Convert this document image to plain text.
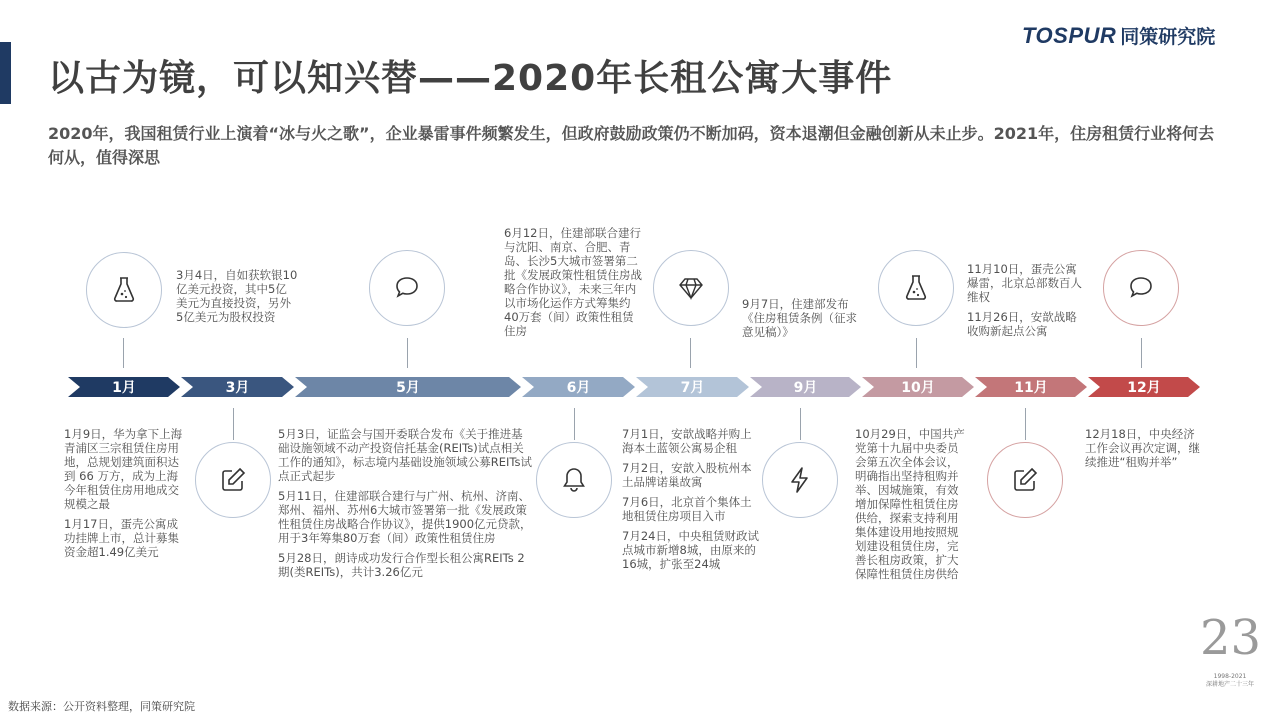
以古为镜，可以知兴替——2020年长租公寓大事件
TOSPUR 同策研究院
2020年，我国租赁行业上演着“冰与火之歌”，企业暴雷事件频繁发生，但政府鼓励政策仍不断加码，资本退潮但金融创新从未止步。2021年，住房租赁行业将何去何从，值得深思
1月	3月	5月	6月	7月	9月	10月	11月	12月

3月4日，自如获软银10 亿美元投资，其中5亿美元为直接投资，另外5亿美元为股权投资

6月12日，住建部联合建行与沈阳、南京、合肥、青岛、长沙5大城市签署第二批《发展政策性租赁住房战略合作协议》，未来三年内以市场化运作方式筹集约40万套（间）政策性租赁住房

9月7日，住建部发布《住房租赁条例（征求意见稿）》

11月10日，蛋壳公寓爆雷，北京总部数百人维权

11月26日，安歆战略收购新起点公寓

1月9日，华为拿下上海青浦区三宗租赁住房用地，总规划建筑面积达到 66 万方，成为上海今年租赁住房用地成交规模之最

1月17日，蛋壳公寓成功挂牌上市，总计募集资金超1.49亿美元

5月3日，证监会与国开委联合发布《关于推进基础设施领域不动产投资信托基金(REITs)试点相关工作的通知》，标志境内基础设施领域公募REITs试点正式起步

5月11日，住建部联合建行与广州、杭州、济南、郑州、福州、苏州6大城市签署第一批《发展政策性租赁住房战略合作协议》，提供1900亿元贷款，用于3年筹集80万套（间）政策性租赁住房

5月28日，朗诗成功发行合作型长租公寓REITs 2期(类REITs)，共计3.26亿元

7月1日，安歆战略并购上海本土蓝领公寓易企租

7月2日，安歆入股杭州本土品牌诺巢故寓

7月6日，北京首个集体土地租赁住房项目入市

7月24日，中央租赁财政试点城市新增8城，由原来的16城，扩张至24城

10月29日，中国共产党第十九届中央委员会第五次全体会议，明确指出坚持租购并举、因城施策，有效增加保障性租赁住房供给，探索支持利用集体建设用地按照规划建设租赁住房，完善长租房政策，扩大保障性租赁住房供给

12月18日，中央经济工作会议再次定调，继续推进“租购并举”

数据来源：公开资料整理，同策研究院
23
1998-2021
深耕地产二十三年
